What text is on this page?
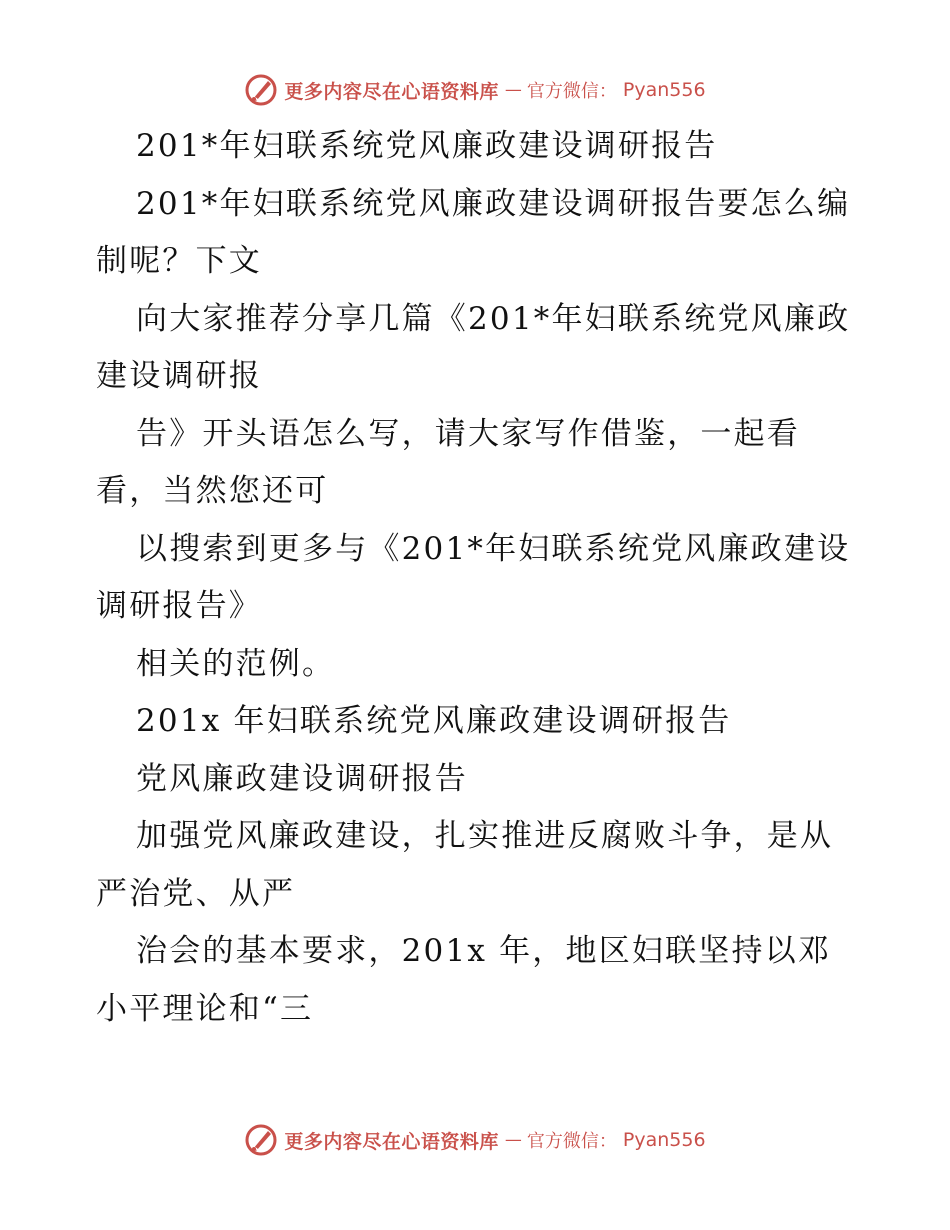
更多内容尽在心语资料库 — 官方微信： Pyan556
201*年妇联系统党风廉政建设调研报告
201*年妇联系统党风廉政建设调研报告要怎么编
制呢？下文
向大家推荐分享几篇《201*年妇联系统党风廉政
建设调研报
告》开头语怎么写，请大家写作借鉴，一起看
看，当然您还可
以搜索到更多与《201*年妇联系统党风廉政建设
调研报告》
相关的范例。
201x 年妇联系统党风廉政建设调研报告
党风廉政建设调研报告
加强党风廉政建设，扎实推进反腐败斗争，是从
严治党、从严
治会的基本要求，201x 年，地区妇联坚持以邓
小平理论和“三
更多内容尽在心语资料库 — 官方微信： Pyan556
